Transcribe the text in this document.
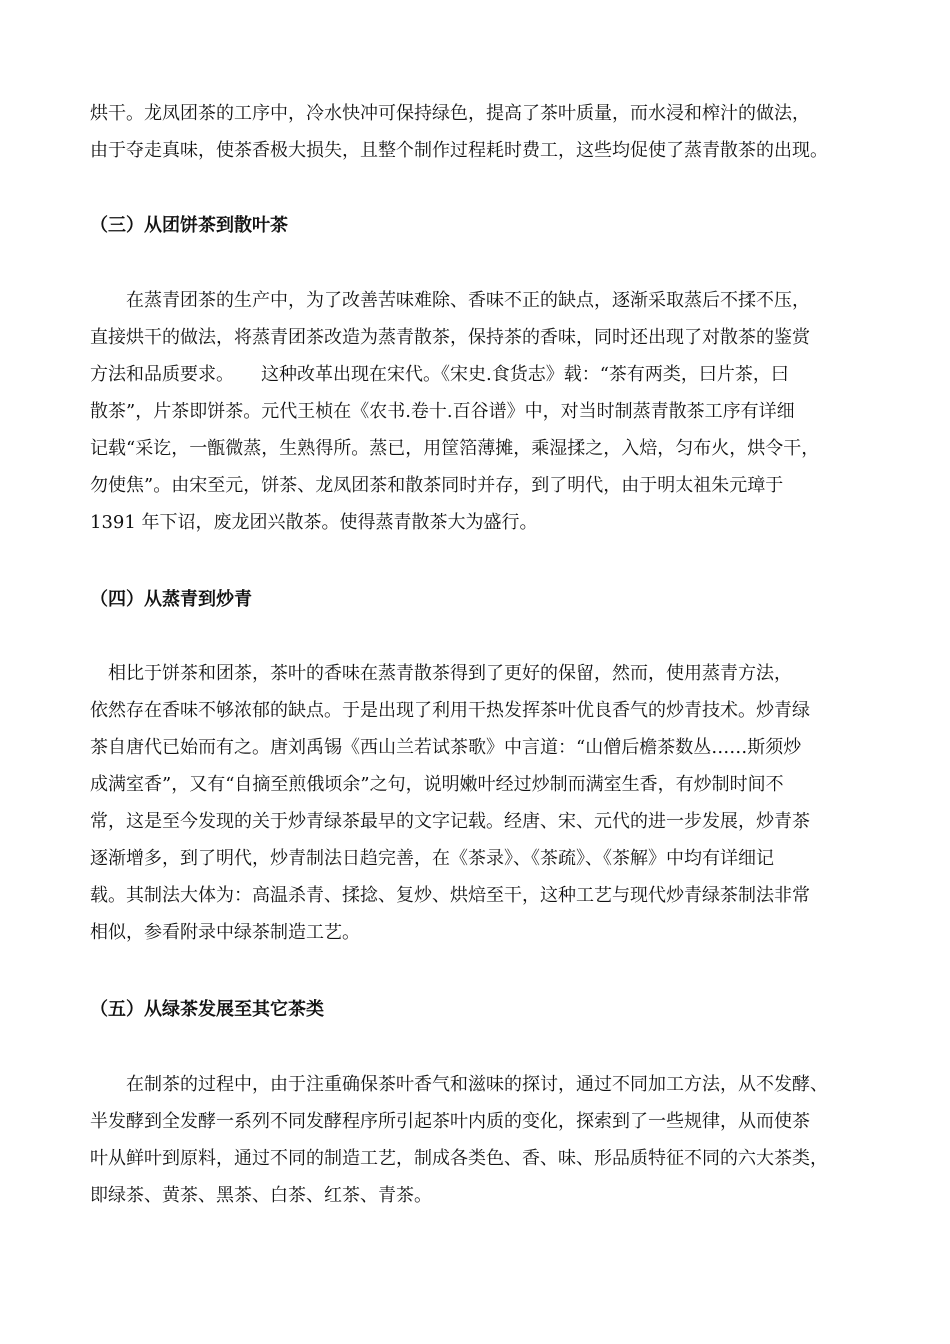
烘干。龙凤团茶的工序中，冷水快冲可保持绿色，提高了茶叶质量，而水浸和榨汁的做法，
由于夺走真味，使茶香极大损失，且整个制作过程耗时费工，这些均促使了蒸青散茶的出现。
（三）从团饼茶到散叶茶
　　在蒸青团茶的生产中，为了改善苦味难除、香味不正的缺点，逐渐采取蒸后不揉不压，
直接烘干的做法，将蒸青团茶改造为蒸青散茶，保持茶的香味，同时还出现了对散茶的鉴赏
方法和品质要求。　　这种改革出现在宋代。《宋史.食货志》载：“茶有两类，曰片茶，曰
散茶”，片茶即饼茶。元代王桢在《农书.卷十.百谷谱》中，对当时制蒸青散茶工序有详细
记载“采讫，一甑微蒸，生熟得所。蒸已，用筐箔薄摊，乘湿揉之，入焙，匀布火，烘令干，
勿使焦”。由宋至元，饼茶、龙凤团茶和散茶同时并存，到了明代，由于明太祖朱元璋于
1391 年下诏，废龙团兴散茶。使得蒸青散茶大为盛行。
（四）从蒸青到炒青
　相比于饼茶和团茶，茶叶的香味在蒸青散茶得到了更好的保留，然而，使用蒸青方法，
依然存在香味不够浓郁的缺点。于是出现了利用干热发挥茶叶优良香气的炒青技术。炒青绿
茶自唐代已始而有之。唐刘禹锡《西山兰若试茶歌》中言道：“山僧后檐茶数丛……斯须炒
成满室香”，又有“自摘至煎俄顷余”之句，说明嫩叶经过炒制而满室生香，有炒制时间不
常，这是至今发现的关于炒青绿茶最早的文字记载。经唐、宋、元代的进一步发展，炒青茶
逐渐增多，到了明代，炒青制法日趋完善，在《茶录》、《茶疏》、《茶解》中均有详细记
载。其制法大体为：高温杀青、揉捻、复炒、烘焙至干，这种工艺与现代炒青绿茶制法非常
相似，参看附录中绿茶制造工艺。
（五）从绿茶发展至其它茶类
　　在制茶的过程中，由于注重确保茶叶香气和滋味的探讨，通过不同加工方法，从不发酵、
半发酵到全发酵一系列不同发酵程序所引起茶叶内质的变化，探索到了一些规律，从而使茶
叶从鲜叶到原料，通过不同的制造工艺，制成各类色、香、味、形品质特征不同的六大茶类，
即绿茶、黄茶、黑茶、白茶、红茶、青茶。
